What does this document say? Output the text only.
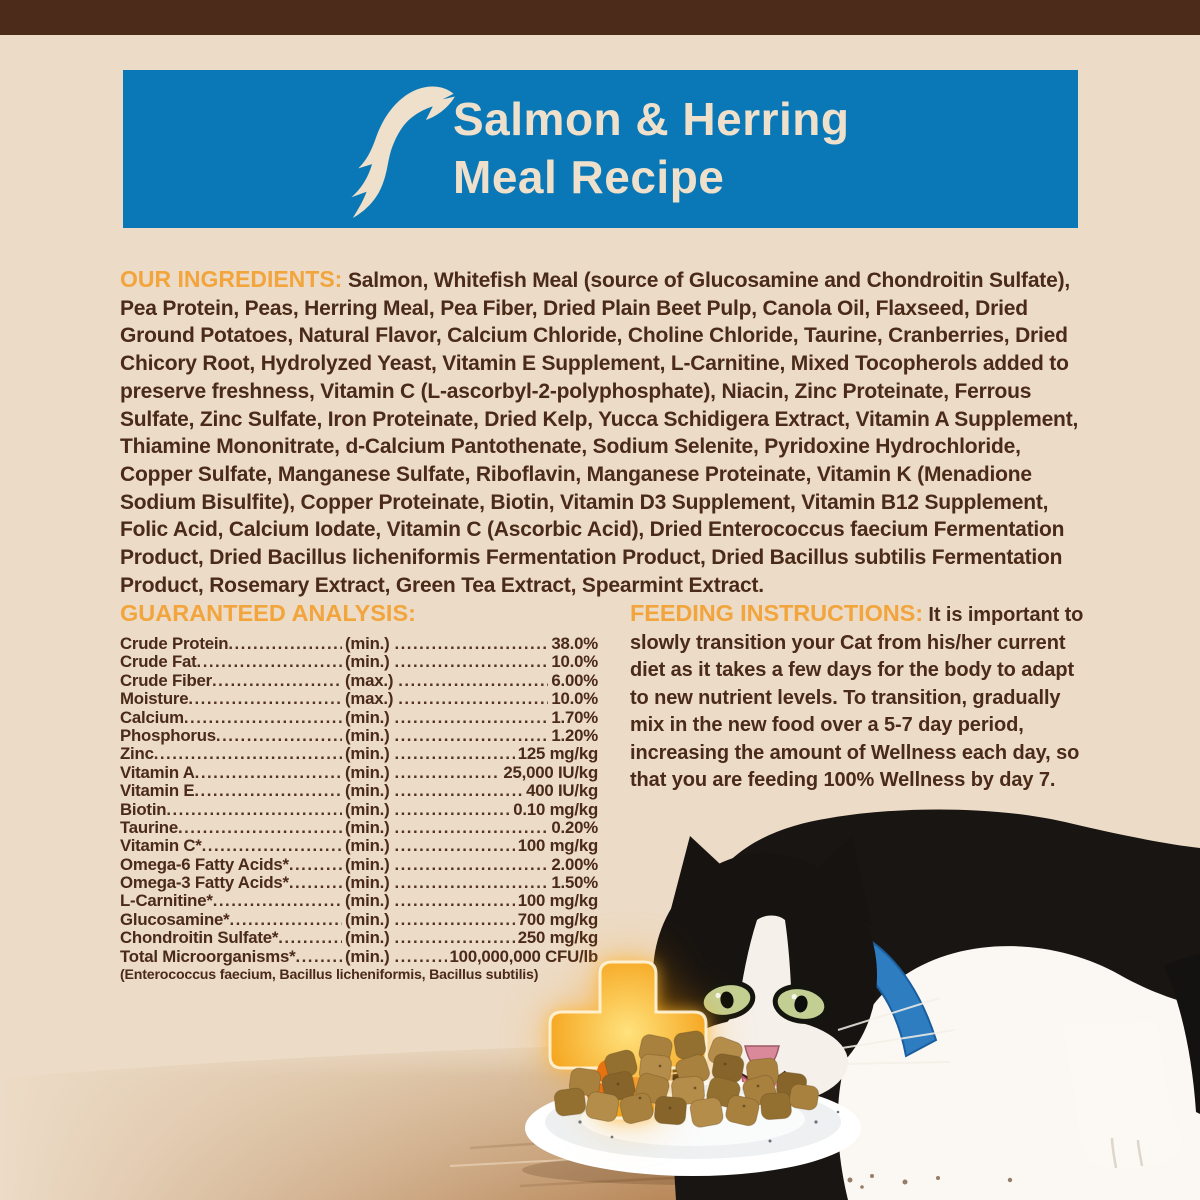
Salmon & Herring
Meal Recipe
OUR INGREDIENTS: Salmon, Whitefish Meal (source of Glucosamine and Chondroitin Sulfate), Pea Protein, Peas, Herring Meal, Pea Fiber, Dried Plain Beet Pulp, Canola Oil, Flaxseed, Dried Ground Potatoes, Natural Flavor, Calcium Chloride, Choline Chloride, Taurine, Cranberries, Dried Chicory Root, Hydrolyzed Yeast, Vitamin E Supplement, L-Carnitine, Mixed Tocopherols added to preserve freshness, Vitamin C (L-ascorbyl-2-polyphosphate), Niacin, Zinc Proteinate, Ferrous Sulfate, Zinc Sulfate, Iron Proteinate, Dried Kelp, Yucca Schidigera Extract, Vitamin A Supplement, Thiamine Mononitrate, d-Calcium Pantothenate, Sodium Selenite, Pyridoxine Hydrochloride, Copper Sulfate, Manganese Sulfate, Riboflavin, Manganese Proteinate, Vitamin K (Menadione Sodium Bisulfite), Copper Proteinate, Biotin, Vitamin D3 Supplement, Vitamin B12 Supplement, Folic Acid, Calcium Iodate, Vitamin C (Ascorbic Acid), Dried Enterococcus faecium Fermentation Product, Dried Bacillus licheniformis Fermentation Product, Dried Bacillus subtilis Fermentation Product, Rosemary Extract, Green Tea Extract, Spearmint Extract.
GUARANTEED ANALYSIS:
Crude Protein .....	(min.) .....	38.0%
Crude Fat .....	(min.) .....	10.0%
Crude Fiber .....	(max.) .....	6.00%
Moisture .....	(max.) .....	10.0%
Calcium .....	(min.) .....	1.70%
Phosphorus .....	(min.) .....	1.20%
Zinc .....	(min.) .....	125 mg/kg
Vitamin A .....	(min.) .....	25,000 IU/kg
Vitamin E .....	(min.) .....	400 IU/kg
Biotin .....	(min.) .....	0.10 mg/kg
Taurine .....	(min.) .....	0.20%
Vitamin C* .....	(min.) .....	100 mg/kg
Omega-6 Fatty Acids* .....	(min.) .....	2.00%
Omega-3 Fatty Acids* .....	(min.) .....	1.50%
L-Carnitine* .....	(min.) .....	100 mg/kg
Glucosamine* .....	(min.) .....	700 mg/kg
Chondroitin Sulfate* .....	(min.) .....	250 mg/kg
Total Microorganisms* .....	(min.) .....	100,000,000 CFU/lb
(Enterococcus faecium, Bacillus licheniformis, Bacillus subtilis)
FEEDING INSTRUCTIONS: It is important to slowly transition your Cat from his/her current diet as it takes a few days for the body to adapt to new nutrient levels. To transition, gradually mix in the new food over a 5-7 day period, increasing the amount of Wellness each day, so that you are feeding 100% Wellness by day 7.
